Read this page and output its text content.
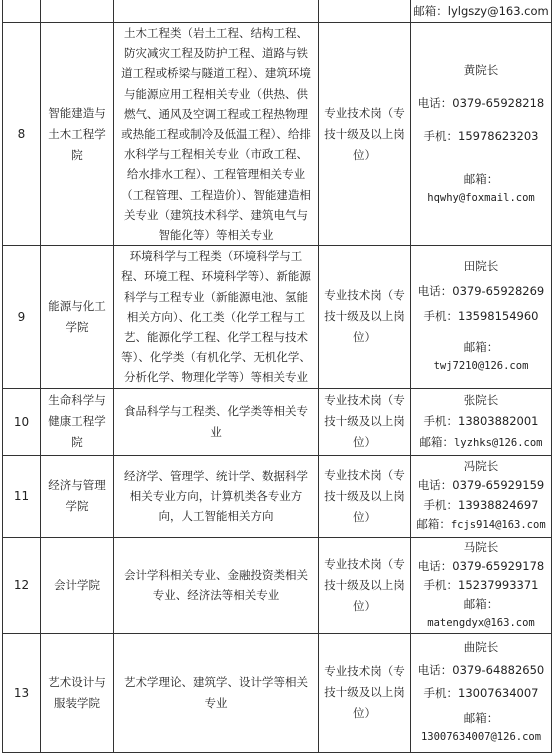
				邮箱：lylgszy@163.com
8	智能建造与土木工程学院	土木工程类（岩土工程、结构工程、防灾减灾工程及防护工程、道路与铁道工程或桥梁与隧道工程）、建筑环境与能源应用工程相关专业（供热、供燃气、通风及空调工程或工程热物理或热能工程或制冷及低温工程）、给排水科学与工程相关专业（市政工程、给水排水工程）、工程管理相关专业（工程管理、工程造价）、智能建造相关专业（建筑技术科学、建筑电气与智能化等）等相关专业	专业技术岗（专技十级及以上岗位）	黄院长
电话：0379-65928218
手机：15978623203
邮箱：
hqwhy@foxmail.com

9	能源与化工学院	环境科学与工程类（环境科学与工程、环境工程、环境科学等）、新能源科学与工程专业（新能源电池、氢能相关方向）、化工类（化学工程与工艺、能源化学工程、化学工程与技术等）、化学类（有机化学、无机化学、分析化学、物理化学等）等相关专业	专业技术岗（专技十级及以上岗位）	田院长
电话：0379-65928269
手机：13598154960
邮箱：
twj7210@126.com

10	生命科学与健康工程学院	食品科学与工程类、化学类等相关专业	专业技术岗（专技十级及以上岗位）	张院长
手机：13803882001
邮箱：lyzhks@126.com

11	经济与管理学院	经济学、管理学、统计学、数据科学相关专业方向，计算机类各专业方向，人工智能相关方向	专业技术岗（专技十级及以上岗位）	冯院长
电话：0379-65929159
手机：13938824697
邮箱：fcjs914@163.com

12	会计学院	会计学科相关专业、金融投资类相关专业、经济法等相关专业	专业技术岗（专技十级及以上岗位）	马院长
电话：0379-65929178
手机：15237993371
邮箱：
matengdyx@163.com

13	艺术设计与服装学院	艺术学理论、建筑学、设计学等相关专业	专业技术岗（专技十级及以上岗位）	曲院长
电话：0379-64882650
手机：13007634007
邮箱：
13007634007@126.com
